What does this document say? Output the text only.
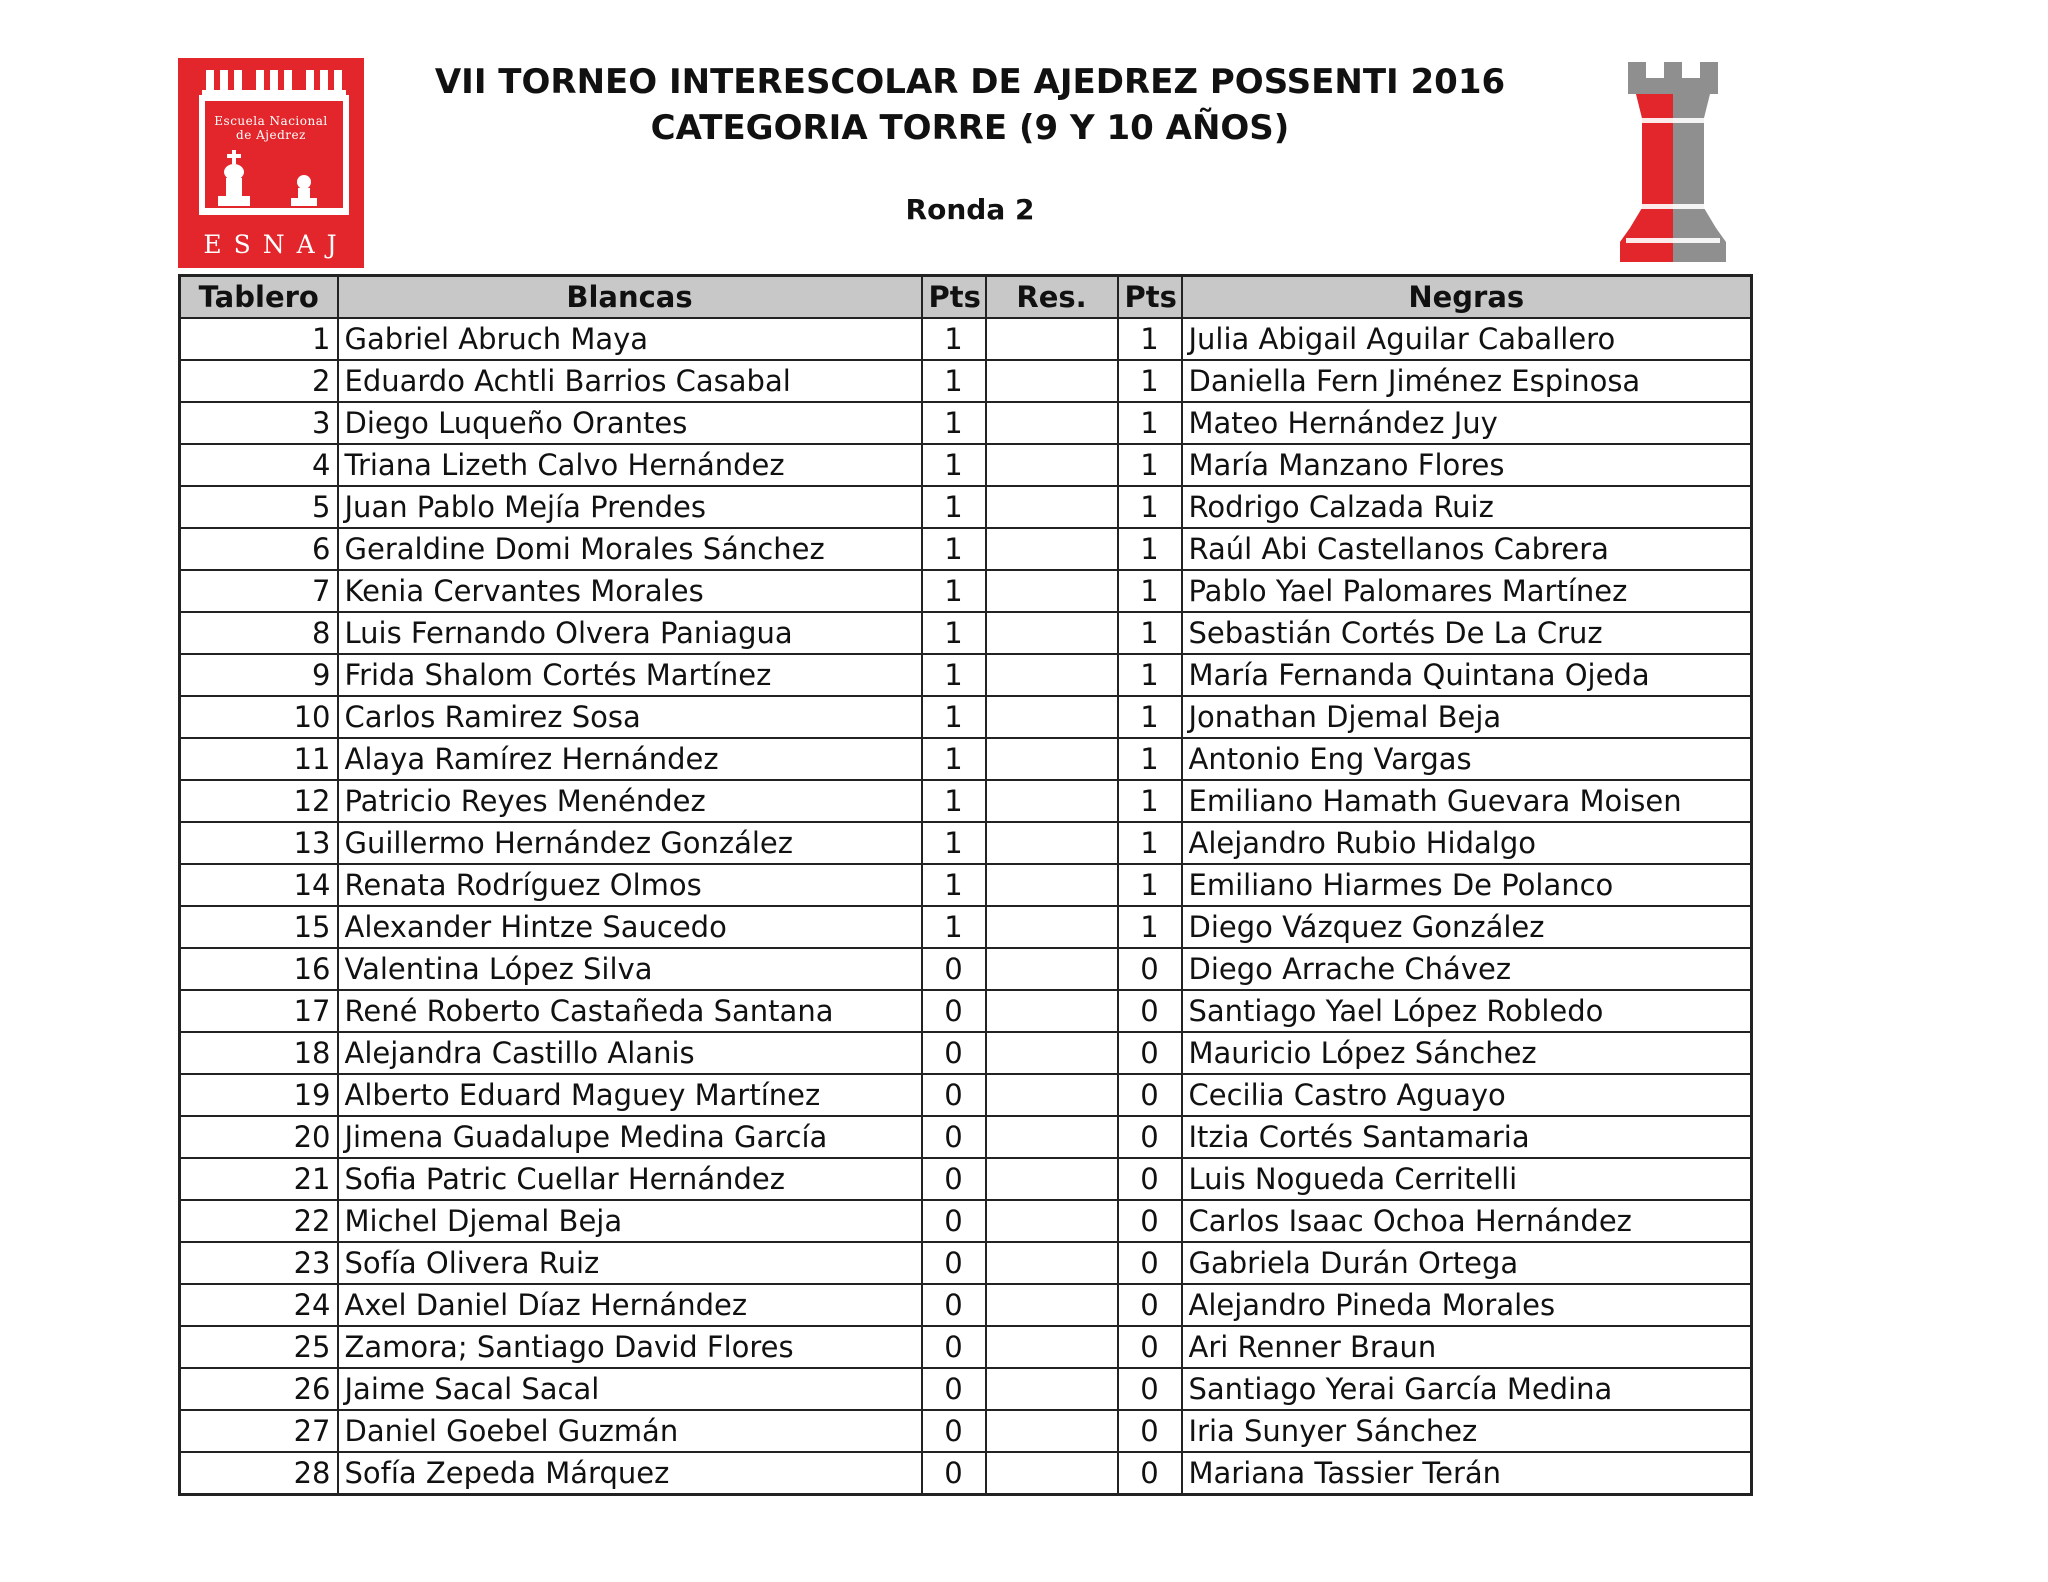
Escuela Nacional
de Ajedrez
ESNAJ
VII TORNEO INTERESCOLAR DE AJEDREZ POSSENTI 2016
CATEGORIA TORRE (9 Y 10 AÑOS)
Ronda 2
Tablero	Blancas	Pts	Res.	Pts	Negras
1	Gabriel Abruch Maya	1		1	Julia Abigail Aguilar Caballero
2	Eduardo Achtli Barrios Casabal	1		1	Daniella Fern Jiménez Espinosa
3	Diego Luqueño Orantes	1		1	Mateo Hernández Juy
4	Triana Lizeth Calvo Hernández	1		1	María Manzano Flores
5	Juan Pablo Mejía Prendes	1		1	Rodrigo Calzada Ruiz
6	Geraldine Domi Morales Sánchez	1		1	Raúl Abi Castellanos Cabrera
7	Kenia Cervantes Morales	1		1	Pablo Yael Palomares Martínez
8	Luis Fernando Olvera Paniagua	1		1	Sebastián Cortés De La Cruz
9	Frida Shalom Cortés Martínez	1		1	María Fernanda Quintana Ojeda
10	Carlos Ramirez Sosa	1		1	Jonathan Djemal Beja
11	Alaya Ramírez Hernández	1		1	Antonio Eng Vargas
12	Patricio Reyes Menéndez	1		1	Emiliano Hamath Guevara Moisen
13	Guillermo Hernández González	1		1	Alejandro Rubio Hidalgo
14	Renata Rodríguez Olmos	1		1	Emiliano Hiarmes De Polanco
15	Alexander Hintze Saucedo	1		1	Diego Vázquez González
16	Valentina López Silva	0		0	Diego Arrache Chávez
17	René Roberto Castañeda Santana	0		0	Santiago Yael López Robledo
18	Alejandra Castillo Alanis	0		0	Mauricio López Sánchez
19	Alberto Eduard Maguey Martínez	0		0	Cecilia Castro Aguayo
20	Jimena Guadalupe Medina García	0		0	Itzia Cortés Santamaria
21	Sofia Patric Cuellar Hernández	0		0	Luis Nogueda Cerritelli
22	Michel Djemal Beja	0		0	Carlos Isaac Ochoa Hernández
23	Sofía Olivera Ruiz	0		0	Gabriela Durán Ortega
24	Axel Daniel Díaz Hernández	0		0	Alejandro Pineda Morales
25	Zamora; Santiago David Flores	0		0	Ari Renner Braun
26	Jaime Sacal Sacal	0		0	Santiago Yerai García Medina
27	Daniel Goebel Guzmán	0		0	Iria Sunyer Sánchez
28	Sofía Zepeda Márquez	0		0	Mariana Tassier Terán
